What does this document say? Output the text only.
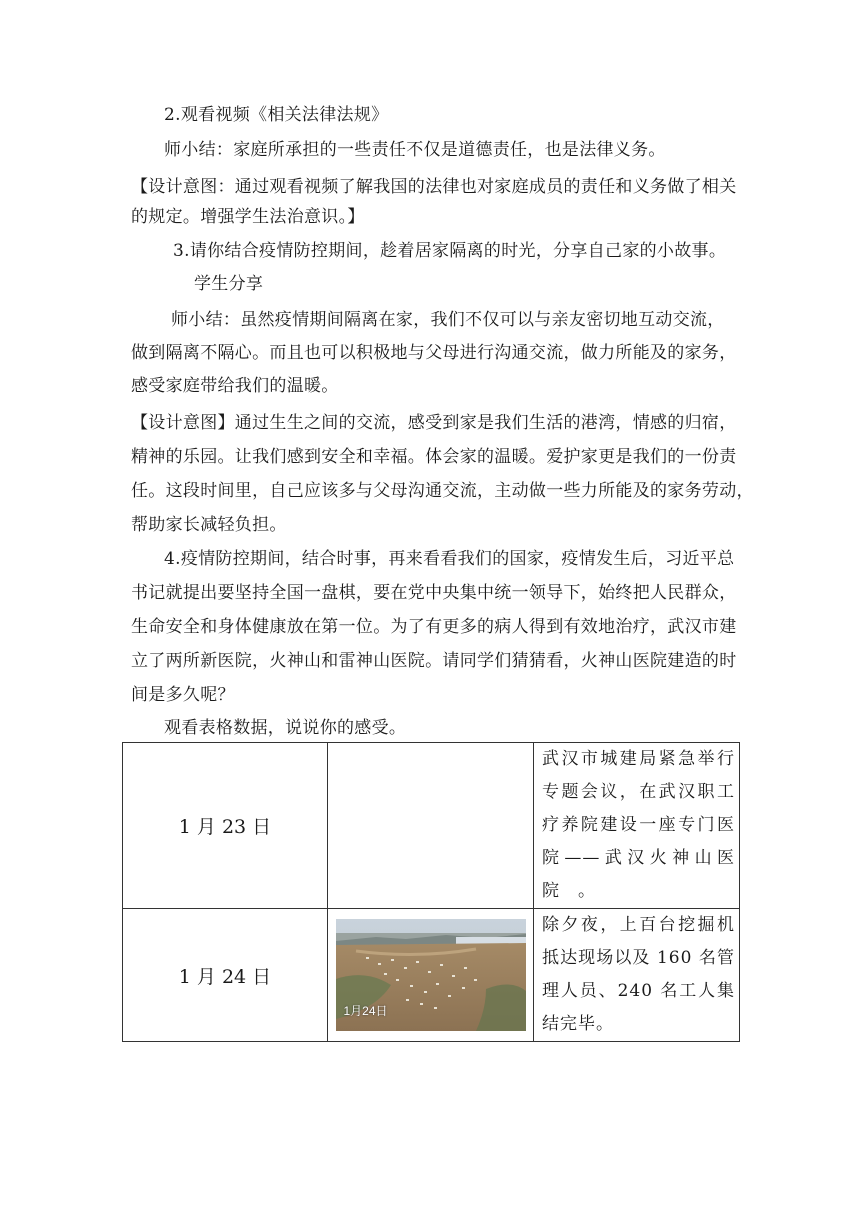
2.观看视频《相关法律法规》
师小结：家庭所承担的一些责任不仅是道德责任，也是法律义务。
【设计意图：通过观看视频了解我国的法律也对家庭成员的责任和义务做了相关
的规定。增强学生法治意识。】
3.请你结合疫情防控期间，趁着居家隔离的时光，分享自己家的小故事。
学生分享
师小结：虽然疫情期间隔离在家，我们不仅可以与亲友密切地互动交流，
做到隔离不隔心。而且也可以积极地与父母进行沟通交流，做力所能及的家务，
感受家庭带给我们的温暖。
【设计意图】通过生生之间的交流，感受到家是我们生活的港湾，情感的归宿，
精神的乐园。让我们感到安全和幸福。体会家的温暖。爱护家更是我们的一份责
任。这段时间里，自己应该多与父母沟通交流，主动做一些力所能及的家务劳动，
帮助家长减轻负担。
4.疫情防控期间，结合时事，再来看看我们的国家，疫情发生后，习近平总
书记就提出要坚持全国一盘棋，要在党中央集中统一领导下，始终把人民群众，
生命安全和身体健康放在第一位。为了有更多的病人得到有效地治疗，武汉市建
立了两所新医院，火神山和雷神山医院。请同学们猜猜看，火神山医院建造的时
间是多久呢？
观看表格数据，说说你的感受。
1 月 23 日		武汉市城建局紧急举行专题会议，在武汉职工疗养院建设一座专门医院——武汉火神山医院　。

1 月 24 日	1月24日	除夕夜，上百台挖掘机抵达现场以及 160 名管理人员、240 名工人集结完毕。
